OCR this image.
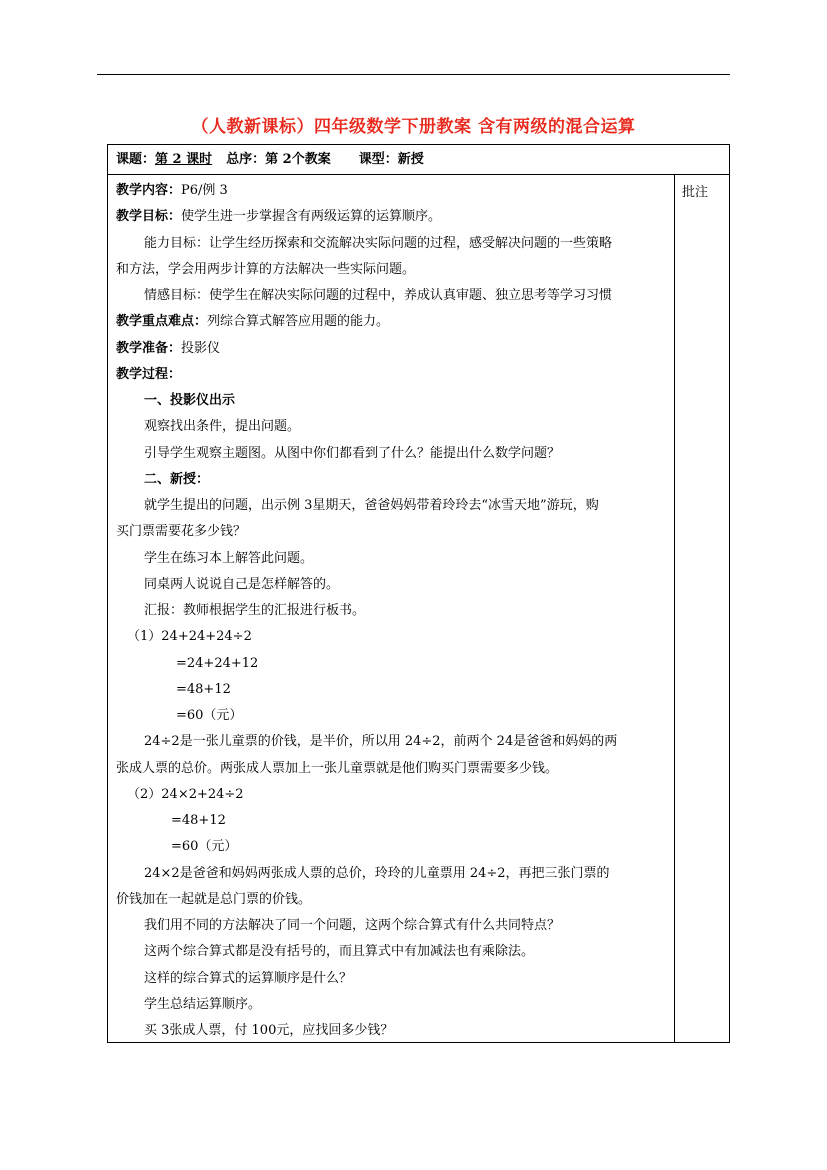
（人教新课标）四年级数学下册教案 含有两级的混合运算
课题：第 2 课时 总序：第 2个教案 课型：新授
批注
教学内容：P6/例 3
教学目标：使学生进一步掌握含有两级运算的运算顺序。
能力目标：让学生经历探索和交流解决实际问题的过程，感受解决问题的一些策略
和方法，学会用两步计算的方法解决一些实际问题。
情感目标：使学生在解决实际问题的过程中，养成认真审题、独立思考等学习习惯
教学重点难点：列综合算式解答应用题的能力。
教学准备：投影仪
教学过程：
一、投影仪出示
观察找出条件，提出问题。
引导学生观察主题图。从图中你们都看到了什么？能提出什么数学问题？
二、新授：
就学生提出的问题，出示例 3星期天，爸爸妈妈带着玲玲去“冰雪天地”游玩，购
买门票需要花多少钱？
学生在练习本上解答此问题。
同桌两人说说自己是怎样解答的。
汇报：教师根据学生的汇报进行板书。
（1）24+24+24÷2
=24+24+12
=48+12
=60（元）
24÷2是一张儿童票的价钱，是半价，所以用 24÷2，前两个 24是爸爸和妈妈的两
张成人票的总价。两张成人票加上一张儿童票就是他们购买门票需要多少钱。
（2）24×2+24÷2
=48+12
=60（元）
24×2是爸爸和妈妈两张成人票的总价，玲玲的儿童票用 24÷2，再把三张门票的
价钱加在一起就是总门票的价钱。
我们用不同的方法解决了同一个问题，这两个综合算式有什么共同特点？
这两个综合算式都是没有括号的，而且算式中有加减法也有乘除法。
这样的综合算式的运算顺序是什么？
学生总结运算顺序。
买 3张成人票，付 100元，应找回多少钱？
